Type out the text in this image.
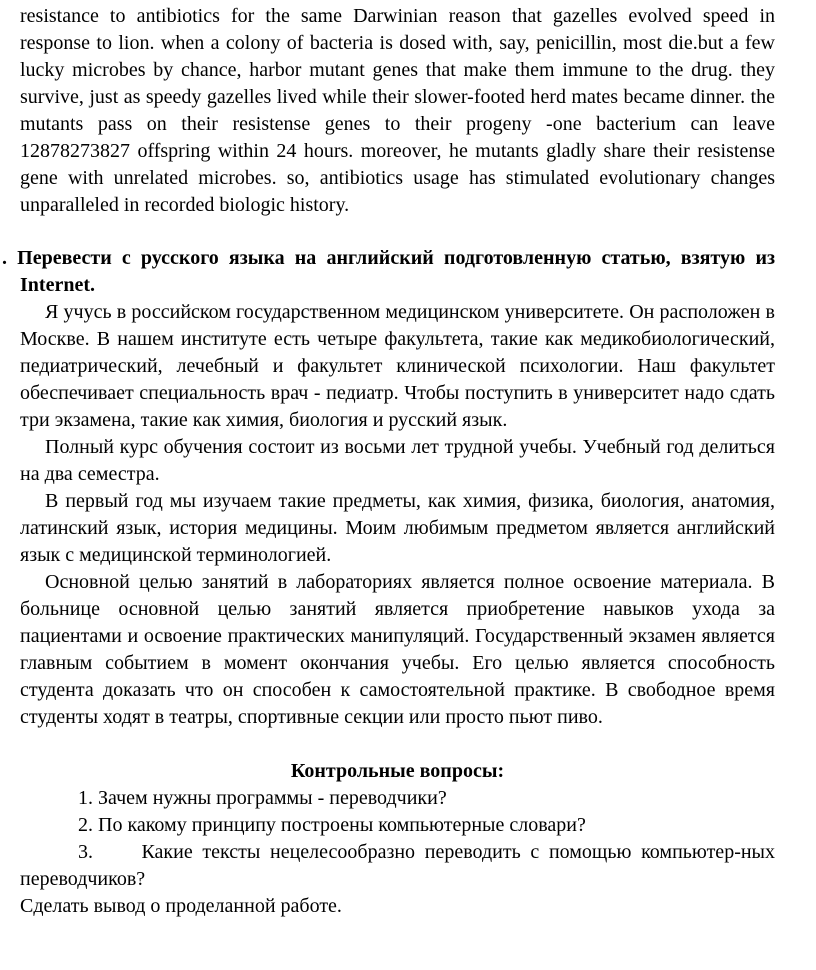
resistance to antibiotics for the same Darwinian reason that gazelles evolved speed in response to lion. when a colony of bacteria is dosed with, say, penicillin, most die.but a few lucky microbes by chance, harbor mutant genes that make them immune to the drug. they survive, just as speedy gazelles lived while their slower-footed herd mates became dinner. the mutants pass on their resistense genes to their progeny -one bacterium can leave 12878273827 offspring within 24 hours. moreover, he mutants gladly share their resistense gene with unrelated microbes. so, antibiotics usage has stimulated evolutionary changes unparalleled in recorded biologic history.

. Перевести с русского языка на английский подготовленную статью, взятую из Internet.

Я учусь в российском государственном медицинском университете. Он расположен в Москве. В нашем институте есть четыре факультета, такие как медикобиологический, педиатрический, лечебный и факультет клинической психологии. Наш факультет обеспечивает специальность врач - педиатр. Чтобы поступить в университет надо сдать три экзамена, такие как химия, биология и русский язык.

Полный курс обучения состоит из восьми лет трудной учебы. Учебный год делиться на два семестра.

В первый год мы изучаем такие предметы, как химия, физика, биология, анатомия, латинский язык, история медицины. Моим любимым предметом является английский язык с медицинской терминологией.

Основной целью занятий в лабораториях является полное освоение материала. В больнице основной целью занятий является приобретение навыков ухода за пациентами и освоение практических манипуляций. Государственный экзамен является главным событием в момент окончания учебы. Его целью является способность студента доказать что он способен к самостоятельной практике. В свободное время студенты ходят в театры, спортивные секции или просто пьют пиво.

Контрольные вопросы:

1. Зачем нужны программы - переводчики?

2. По какому принципу построены компьютерные словари?

3.     Какие тексты нецелесообразно переводить с помощью компьютер-ных переводчиков?

Сделать вывод о проделанной работе.
